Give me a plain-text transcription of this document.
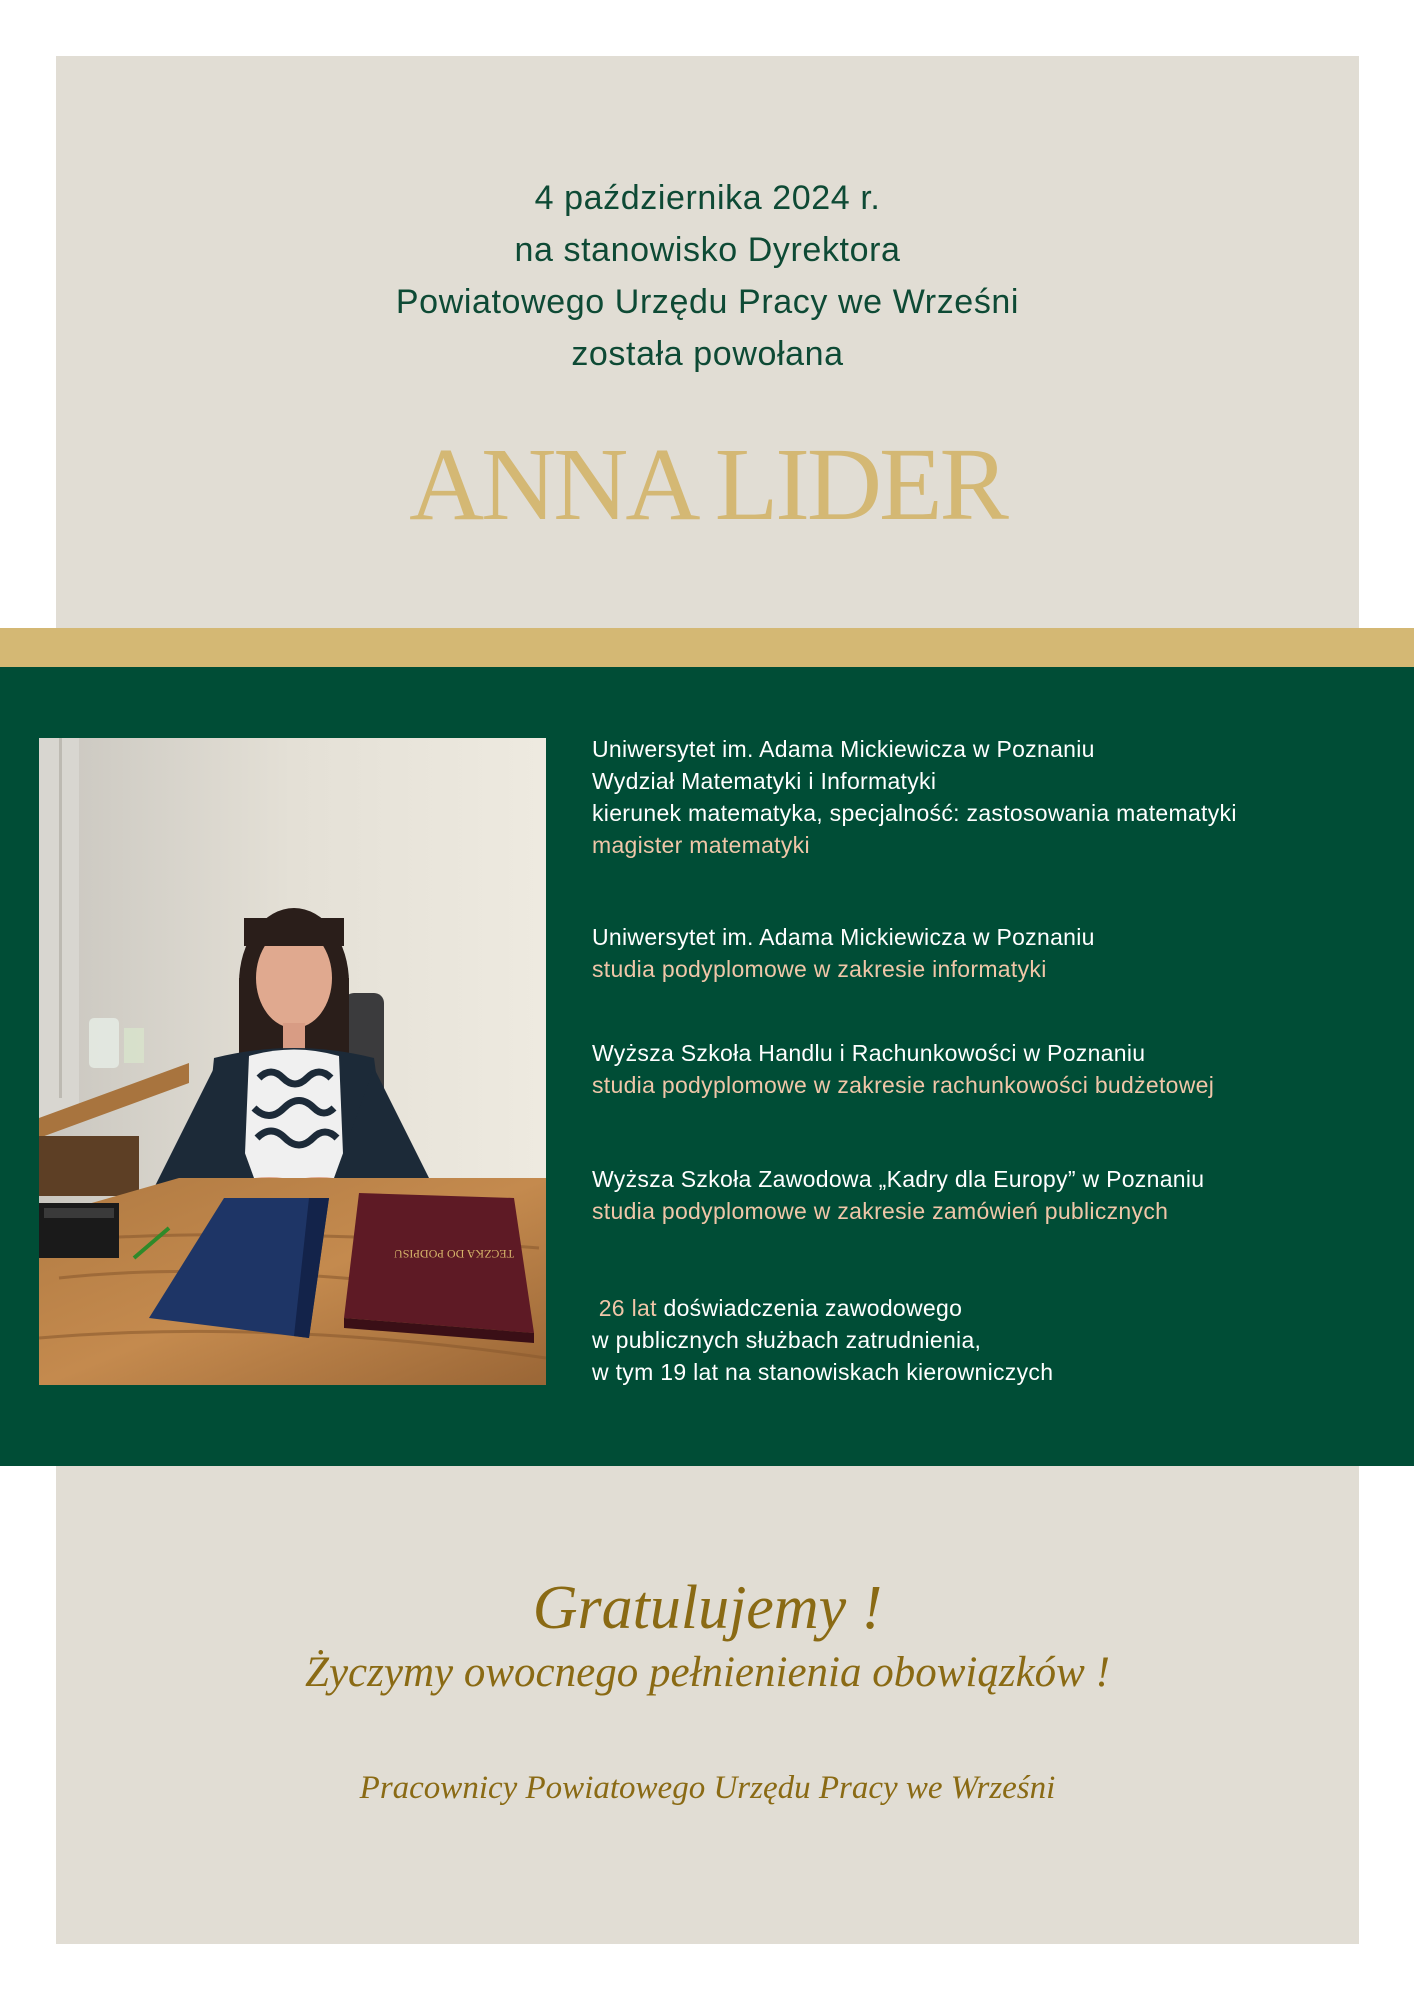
4 października 2024 r.
na stanowisko Dyrektora
Powiatowego Urzędu Pracy we Wrześni
została powołana
ANNA LIDER
TECZKA DO PODPISU
Uniwersytet im. Adama Mickiewicza w Poznaniu
Wydział Matematyki i Informatyki
kierunek matematyka, specjalność: zastosowania matematyki
magister matematyki
Uniwersytet im. Adama Mickiewicza w Poznaniu
studia podyplomowe w zakresie informatyki
Wyższa Szkoła Handlu i Rachunkowości w Poznaniu
studia podyplomowe w zakresie rachunkowości budżetowej
Wyższa Szkoła Zawodowa „Kadry dla Europy” w Poznaniu
studia podyplomowe w zakresie zamówień publicznych
26 lat doświadczenia zawodowego
w publicznych służbach zatrudnienia,
w tym 19 lat na stanowiskach kierowniczych
Gratulujemy !
Życzymy owocnego pełnienienia obowiązków !
Pracownicy Powiatowego Urzędu Pracy we Wrześni
